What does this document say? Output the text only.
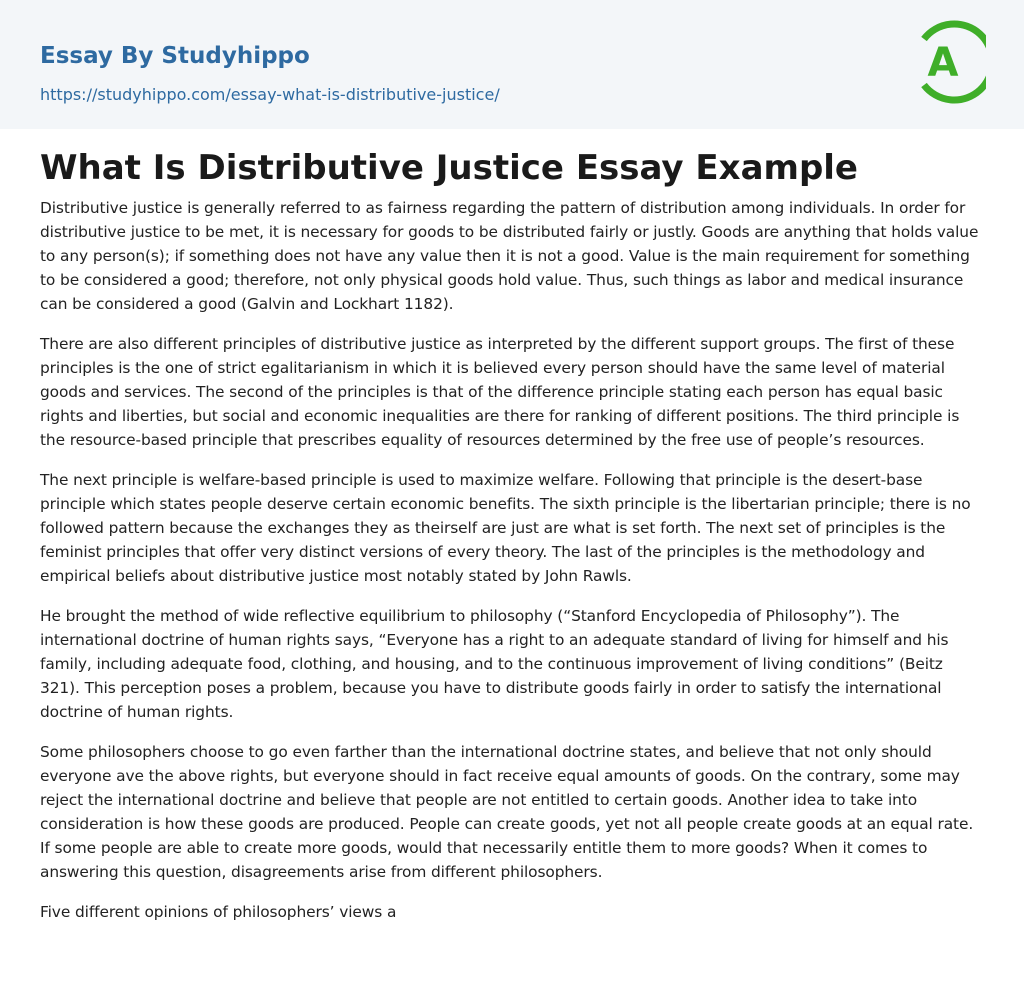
Essay By Studyhippo
https://studyhippo.com/essay-what-is-distributive-justice/
A
What Is Distributive Justice Essay Example

Distributive justice is generally referred to as fairness regarding the pattern of distribution among individuals. In order for distributive justice to be met, it is necessary for goods to be distributed fairly or justly. Goods are anything that holds value to any person(s); if something does not have any value then it is not a good. Value is the main requirement for something to be considered a good; therefore, not only physical goods hold value. Thus, such things as labor and medical insurance can be considered a good (Galvin and Lockhart 1182).

There are also different principles of distributive justice as interpreted by the different support groups. The first of these principles is the one of strict egalitarianism in which it is believed every person should have the same level of material goods and services. The second of the principles is that of the difference principle stating each person has equal basic rights and liberties, but social and economic inequalities are there for ranking of different positions. The third principle is the resource-based principle that prescribes equality of resources determined by the free use of people’s resources.

The next principle is welfare-based principle is used to maximize welfare. Following that principle is the desert-base principle which states people deserve certain economic benefits. The sixth principle is the libertarian principle; there is no followed pattern because the exchanges they as theirself are just are what is set forth. The next set of principles is the feminist principles that offer very distinct versions of every theory. The last of the principles is the methodology and empirical beliefs about distributive justice most notably stated by John Rawls.

He brought the method of wide reflective equilibrium to philosophy (“Stanford Encyclopedia of Philosophy”). The international doctrine of human rights says, “Everyone has a right to an adequate standard of living for himself and his family, including adequate food, clothing, and housing, and to the continuous improvement of living conditions” (Beitz 321). This perception poses a problem, because you have to distribute goods fairly in order to satisfy the international doctrine of human rights.

Some philosophers choose to go even farther than the international doctrine states, and believe that not only should everyone ave the above rights, but everyone should in fact receive equal amounts of goods. On the contrary, some may reject the international doctrine and believe that people are not entitled to certain goods. Another idea to take into consideration is how these goods are produced. People can create goods, yet not all people create goods at an equal rate. If some people are able to create more goods, would that necessarily entitle them to more goods? When it comes to answering this question, disagreements arise from different philosophers.

Five different opinions of philosophers’ views a
